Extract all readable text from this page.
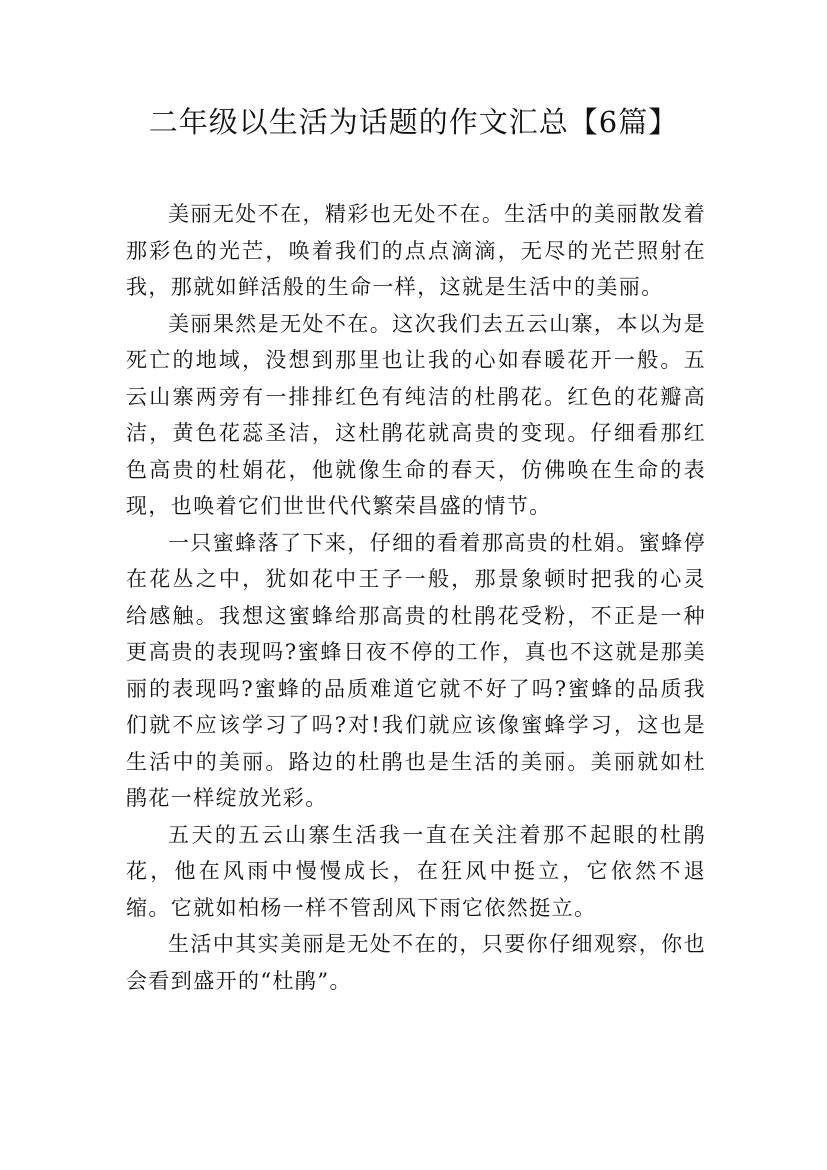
二年级以生活为话题的作文汇总【6篇】

美丽无处不在，精彩也无处不在。生活中的美丽散发着那彩色的光芒，唤着我们的点点滴滴，无尽的光芒照射在我，那就如鲜活般的生命一样，这就是生活中的美丽。

美丽果然是无处不在。这次我们去五云山寨，本以为是死亡的地域，没想到那里也让我的心如春暖花开一般。五云山寨两旁有一排排红色有纯洁的杜鹃花。红色的花瓣高洁，黄色花蕊圣洁，这杜鹃花就高贵的变现。仔细看那红色高贵的杜娟花，他就像生命的春天，仿佛唤在生命的表现，也唤着它们世世代代繁荣昌盛的情节。

一只蜜蜂落了下来，仔细的看着那高贵的杜娟。蜜蜂停在花丛之中，犹如花中王子一般，那景象顿时把我的心灵给感触。我想这蜜蜂给那高贵的杜鹃花受粉，不正是一种更高贵的表现吗?蜜蜂日夜不停的工作，真也不这就是那美丽的表现吗?蜜蜂的品质难道它就不好了吗?蜜蜂的品质我们就不应该学习了吗?对!我们就应该像蜜蜂学习，这也是生活中的美丽。路边的杜鹃也是生活的美丽。美丽就如杜鹃花一样绽放光彩。

五天的五云山寨生活我一直在关注着那不起眼的杜鹃花，他在风雨中慢慢成长，在狂风中挺立，它依然不退缩。它就如柏杨一样不管刮风下雨它依然挺立。

生活中其实美丽是无处不在的，只要你仔细观察，你也会看到盛开的“杜鹃”。
